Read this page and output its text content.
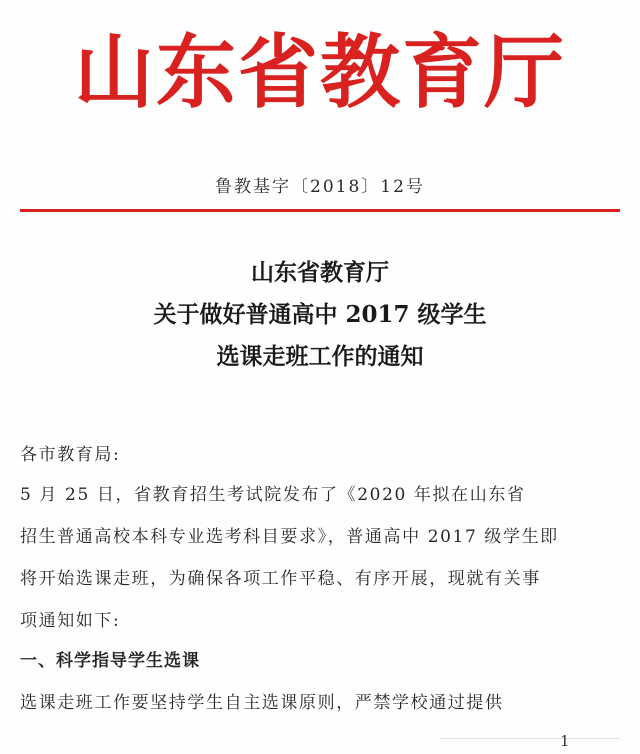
山东省教育厅
鲁教基字〔2018〕12号
山东省教育厅
关于做好普通高中 2017 级学生
选课走班工作的通知
各市教育局:
5 月 25 日，省教育招生考试院发布了《2020 年拟在山东省
招生普通高校本科专业选考科目要求》，普通高中 2017 级学生即
将开始选课走班，为确保各项工作平稳、有序开展，现就有关事
项通知如下:
一、科学指导学生选课
选课走班工作要坚持学生自主选课原则，严禁学校通过提供
1
